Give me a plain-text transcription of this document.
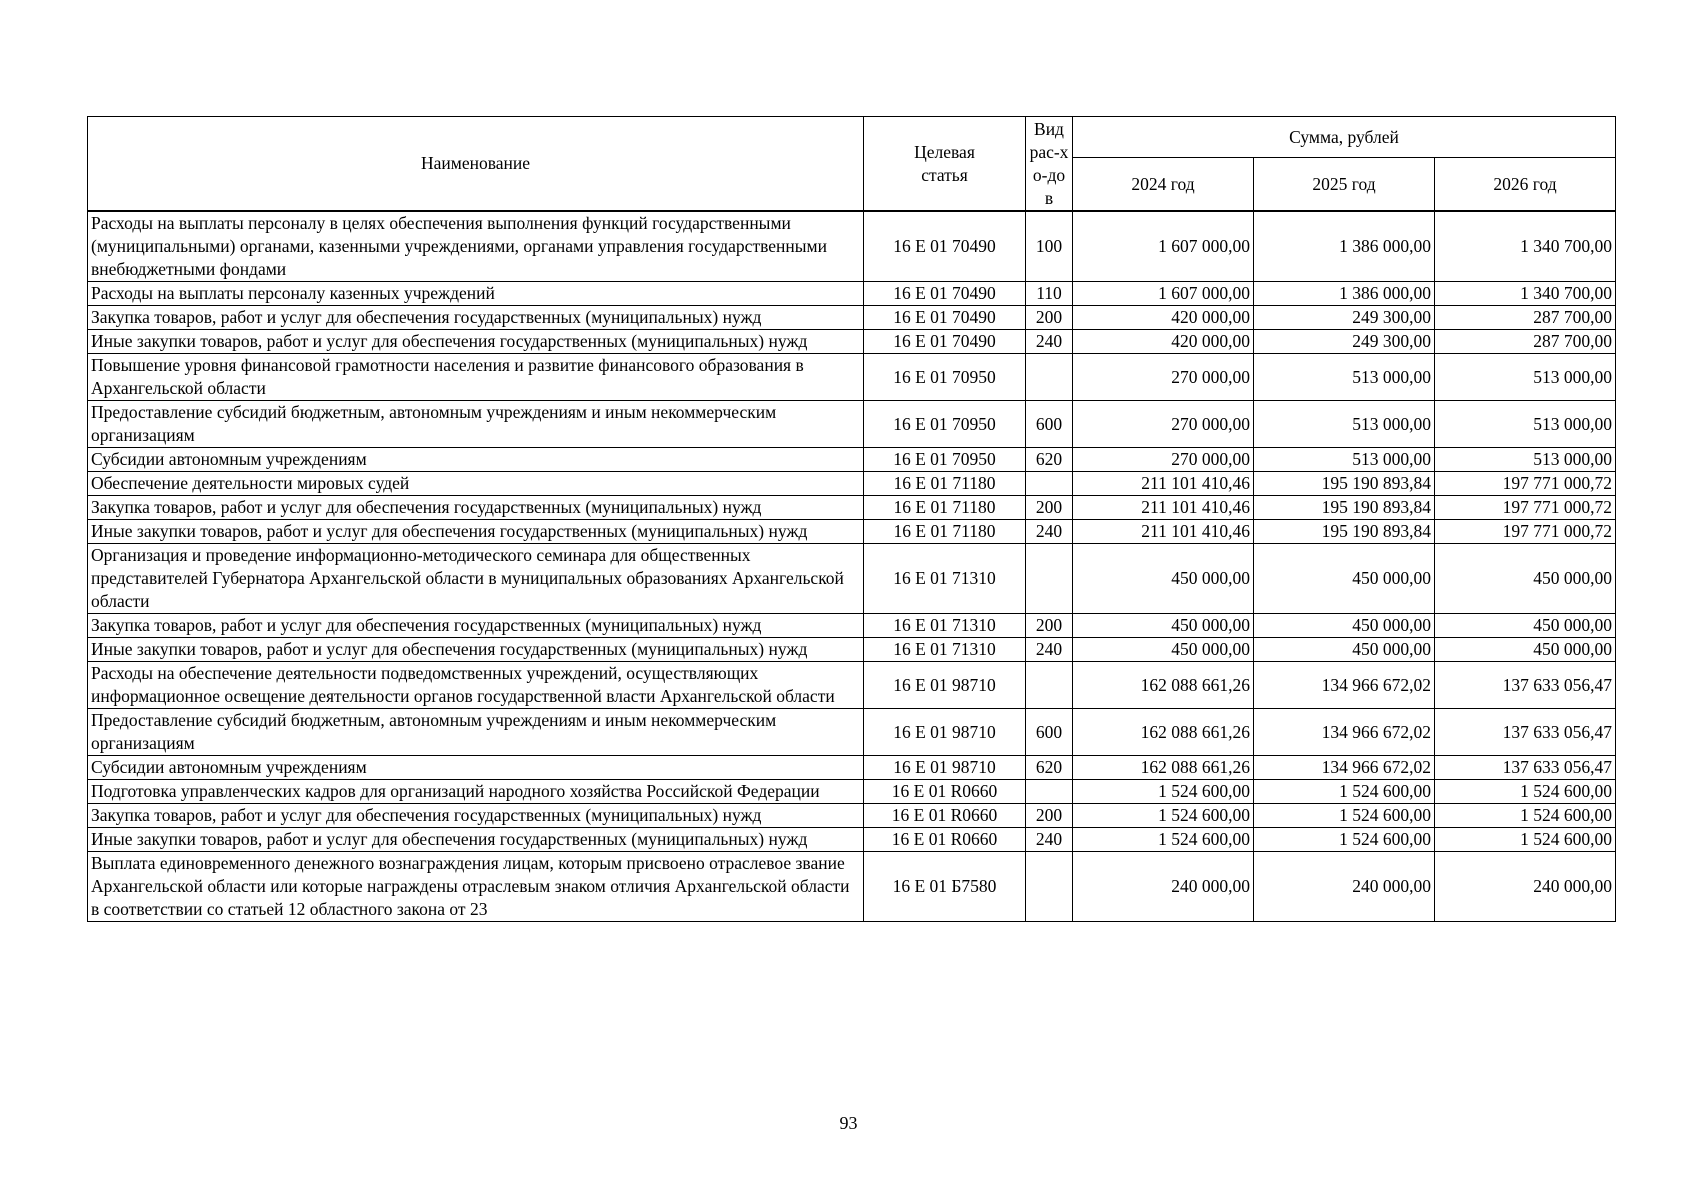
Наименование	Целевая статья	Вид рас-хо-дов	Сумма, рублей		
			2024 год	2025 год	2026 год

Расходы на выплаты персоналу в целях обеспечения выполнения функций государственными (муниципальными) органами, казенными учреждениями, органами управления государственными внебюджетными фондами	16 Е 01 70490	100	1 607 000,00	1 386 000,00	1 340 700,00
Расходы на выплаты персоналу казенных учреждений	16 Е 01 70490	110	1 607 000,00	1 386 000,00	1 340 700,00
Закупка товаров, работ и услуг для обеспечения государственных (муниципальных) нужд	16 Е 01 70490	200	420 000,00	249 300,00	287 700,00
Иные закупки товаров, работ и услуг для обеспечения государственных (муниципальных) нужд	16 Е 01 70490	240	420 000,00	249 300,00	287 700,00
Повышение уровня финансовой грамотности населения и развитие финансового образования в Архангельской области	16 Е 01 70950		270 000,00	513 000,00	513 000,00
Предоставление субсидий бюджетным, автономным учреждениям и иным некоммерческим организациям	16 Е 01 70950	600	270 000,00	513 000,00	513 000,00
Субсидии автономным учреждениям	16 Е 01 70950	620	270 000,00	513 000,00	513 000,00
Обеспечение деятельности мировых судей	16 Е 01 71180		211 101 410,46	195 190 893,84	197 771 000,72
Закупка товаров, работ и услуг для обеспечения государственных (муниципальных) нужд	16 Е 01 71180	200	211 101 410,46	195 190 893,84	197 771 000,72
Иные закупки товаров, работ и услуг для обеспечения государственных (муниципальных) нужд	16 Е 01 71180	240	211 101 410,46	195 190 893,84	197 771 000,72
Организация и проведение информационно-методического семинара для общественных представителей Губернатора Архангельской области в муниципальных образованиях Архангельской области	16 Е 01 71310		450 000,00	450 000,00	450 000,00
Закупка товаров, работ и услуг для обеспечения государственных (муниципальных) нужд	16 Е 01 71310	200	450 000,00	450 000,00	450 000,00
Иные закупки товаров, работ и услуг для обеспечения государственных (муниципальных) нужд	16 Е 01 71310	240	450 000,00	450 000,00	450 000,00
Расходы на обеспечение деятельности подведомственных учреждений, осуществляющих информационное освещение деятельности органов государственной власти Архангельской области	16 Е 01 98710		162 088 661,26	134 966 672,02	137 633 056,47
Предоставление субсидий бюджетным, автономным учреждениям и иным некоммерческим организациям	16 Е 01 98710	600	162 088 661,26	134 966 672,02	137 633 056,47
Субсидии автономным учреждениям	16 Е 01 98710	620	162 088 661,26	134 966 672,02	137 633 056,47
Подготовка управленческих кадров для организаций народного хозяйства Российской Федерации	16 Е 01 R0660		1 524 600,00	1 524 600,00	1 524 600,00
Закупка товаров, работ и услуг для обеспечения государственных (муниципальных) нужд	16 Е 01 R0660	200	1 524 600,00	1 524 600,00	1 524 600,00
Иные закупки товаров, работ и услуг для обеспечения государственных (муниципальных) нужд	16 Е 01 R0660	240	1 524 600,00	1 524 600,00	1 524 600,00
Выплата единовременного денежного вознаграждения лицам, которым присвоено отраслевое звание Архангельской области или которые награждены отраслевым знаком отличия Архангельской области в соответствии со статьей 12 областного закона от 23	16 Е 01 Б7580		240 000,00	240 000,00	240 000,00
93
